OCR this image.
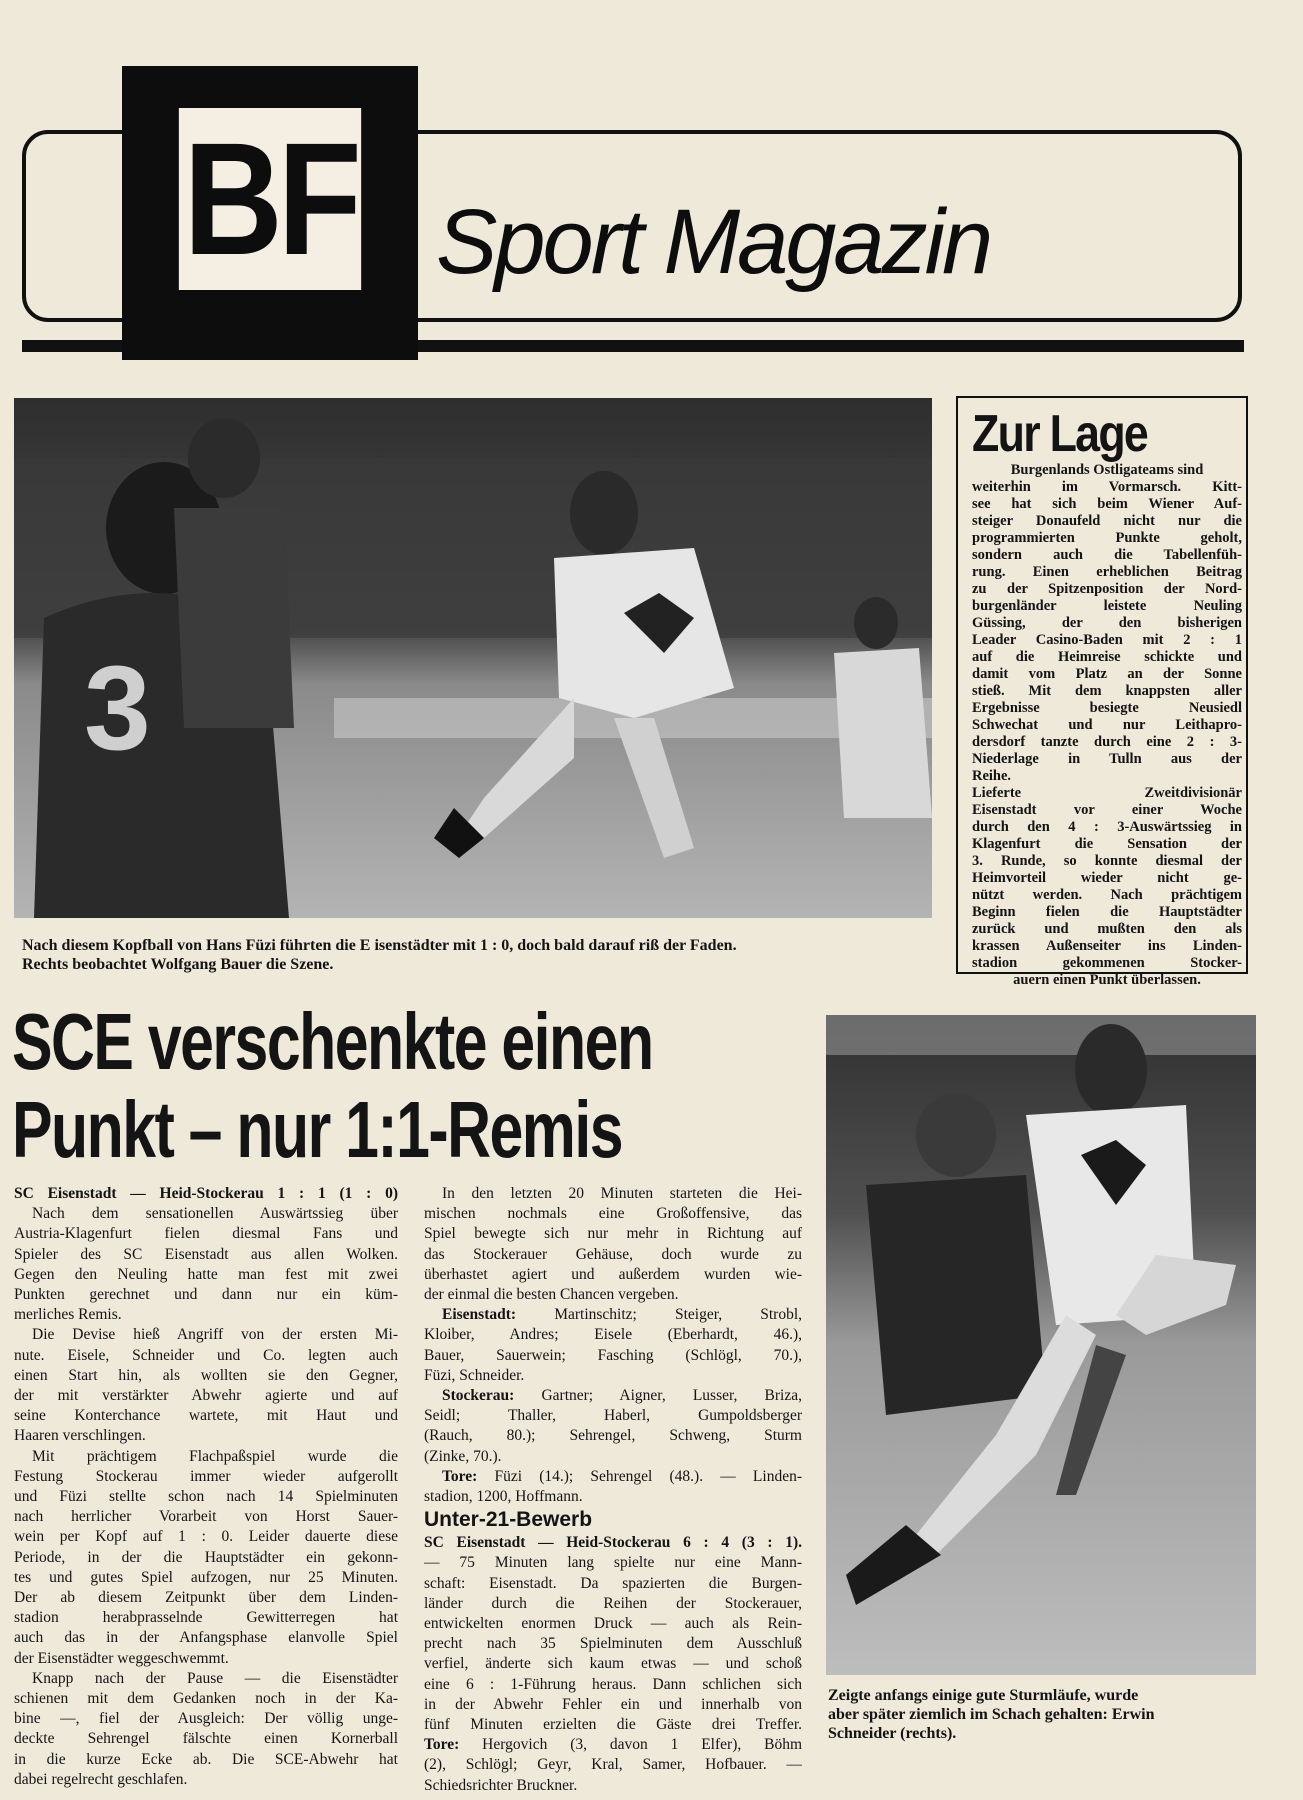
BF Sport Magazin
3
Nach diesem Kopfball von Hans Füzi führten die E isenstädter mit 1 : 0, doch bald darauf riß der Faden.
Rechts beobachtet Wolfgang Bauer die Szene.
Zur Lage
Burgenlands Ostligateams sind
weiterhin im Vormarsch. Kitt-
see hat sich beim Wiener Auf-
steiger Donaufeld nicht nur die
programmierten Punkte geholt,
sondern auch die Tabellenfüh-
rung. Einen erheblichen Beitrag
zu der Spitzenposition der Nord-
burgenländer leistete Neuling
Güssing, der den bisherigen
Leader Casino-Baden mit 2 : 1
auf die Heimreise schickte und
damit vom Platz an der Sonne
stieß. Mit dem knappsten aller
Ergebnisse besiegte Neusiedl
Schwechat und nur Leithapro-
dersdorf tanzte durch eine 2 : 3-
Niederlage in Tulln aus der
Reihe.
Lieferte Zweitdivisionär
Eisenstadt vor einer Woche
durch den 4 : 3-Auswärtssieg in
Klagenfurt die Sensation der
3. Runde, so konnte diesmal der
Heimvorteil wieder nicht ge-
nützt werden. Nach prächtigem
Beginn fielen die Hauptstädter
zurück und mußten den als
krassen Außenseiter ins Linden-
stadion gekommenen Stocker-
auern einen Punkt überlassen.
SCE verschenkte einen
Punkt – nur 1:1-Remis
SC Eisenstadt — Heid-Stockerau 1 : 1 (1 : 0)
Nach dem sensationellen Auswärtssieg über
Austria-Klagenfurt fielen diesmal Fans und
Spieler des SC Eisenstadt aus allen Wolken.
Gegen den Neuling hatte man fest mit zwei
Punkten gerechnet und dann nur ein küm-
merliches Remis.
Die Devise hieß Angriff von der ersten Mi-
nute. Eisele, Schneider und Co. legten auch
einen Start hin, als wollten sie den Gegner,
der mit verstärkter Abwehr agierte und auf
seine Konterchance wartete, mit Haut und
Haaren verschlingen.
Mit prächtigem Flachpaßspiel wurde die
Festung Stockerau immer wieder aufgerollt
und Füzi stellte schon nach 14 Spielminuten
nach herrlicher Vorarbeit von Horst Sauer-
wein per Kopf auf 1 : 0. Leider dauerte diese
Periode, in der die Hauptstädter ein gekonn-
tes und gutes Spiel aufzogen, nur 25 Minuten.
Der ab diesem Zeitpunkt über dem Linden-
stadion herabprasselnde Gewitterregen hat
auch das in der Anfangsphase elanvolle Spiel
der Eisenstädter weggeschwemmt.
Knapp nach der Pause — die Eisenstädter
schienen mit dem Gedanken noch in der Ka-
bine —, fiel der Ausgleich: Der völlig unge-
deckte Sehrengel fälschte einen Kornerball
in die kurze Ecke ab. Die SCE-Abwehr hat
dabei regelrecht geschlafen.
In den letzten 20 Minuten starteten die Hei-
mischen nochmals eine Großoffensive, das
Spiel bewegte sich nur mehr in Richtung auf
das Stockerauer Gehäuse, doch wurde zu
überhastet agiert und außerdem wurden wie-
der einmal die besten Chancen vergeben.
Eisenstadt: Martinschitz; Steiger, Strobl,
Kloiber, Andres; Eisele (Eberhardt, 46.),
Bauer, Sauerwein; Fasching (Schlögl, 70.),
Füzi, Schneider.
Stockerau: Gartner; Aigner, Lusser, Briza,
Seidl; Thaller, Haberl, Gumpoldsberger
(Rauch, 80.); Sehrengel, Schweng, Sturm
(Zinke, 70.).
Tore: Füzi (14.); Sehrengel (48.). — Linden-
stadion, 1200, Hoffmann.
Unter-21-Bewerb
SC Eisenstadt — Heid-Stockerau 6 : 4 (3 : 1).
— 75 Minuten lang spielte nur eine Mann-
schaft: Eisenstadt. Da spazierten die Burgen-
länder durch die Reihen der Stockerauer,
entwickelten enormen Druck — auch als Rein-
precht nach 35 Spielminuten dem Ausschluß
verfiel, änderte sich kaum etwas — und schoß
eine 6 : 1-Führung heraus. Dann schlichen sich
in der Abwehr Fehler ein und innerhalb von
fünf Minuten erzielten die Gäste drei Treffer.
Tore: Hergovich (3, davon 1 Elfer), Böhm
(2), Schlögl; Geyr, Kral, Samer, Hofbauer. —
Schiedsrichter Bruckner.
Zeigte anfangs einige gute Sturmläufe, wurde
aber später ziemlich im Schach gehalten: Erwin
Schneider (rechts).
